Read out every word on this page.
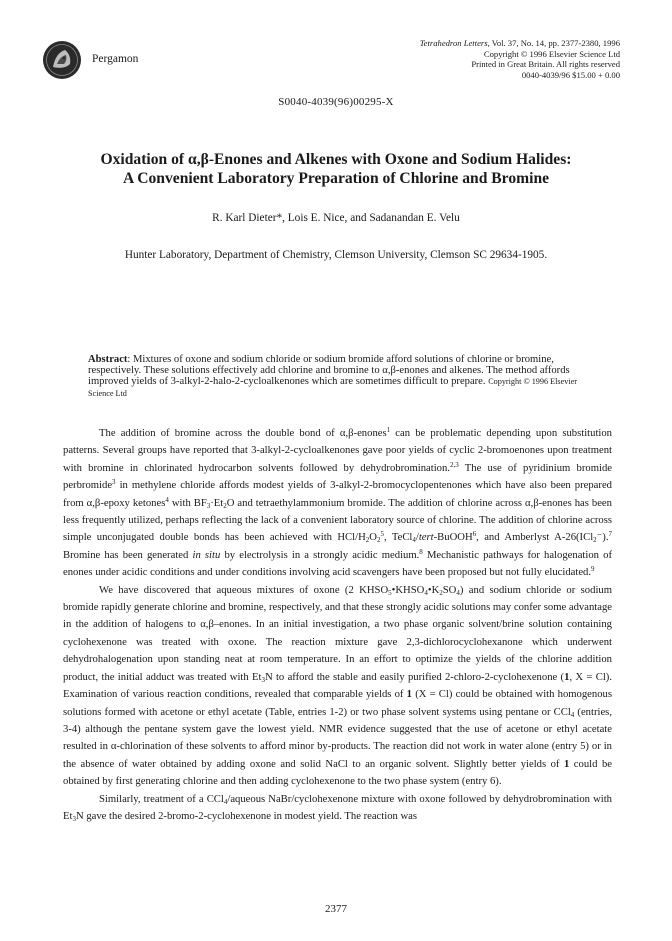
Pergamon
Tetrahedron Letters, Vol. 37, No. 14, pp. 2377-2380, 1996
Copyright © 1996 Elsevier Science Ltd
Printed in Great Britain. All rights reserved
0040-4039/96 $15.00 + 0.00
S0040-4039(96)00295-X
Oxidation of α,β-Enones and Alkenes with Oxone and Sodium Halides:
A Convenient Laboratory Preparation of Chlorine and Bromine
R. Karl Dieter*, Lois E. Nice, and Sadanandan E. Velu
Hunter Laboratory, Department of Chemistry, Clemson University, Clemson SC 29634-1905.
Abstract: Mixtures of oxone and sodium chloride or sodium bromide afford solutions of chlorine or bromine, respectively. These solutions effectively add chlorine and bromine to α,β-enones and alkenes. The method affords improved yields of 3-alkyl-2-halo-2-cycloalkenones which are sometimes difficult to prepare. Copyright © 1996 Elsevier Science Ltd

The addition of bromine across the double bond of α,β-enones$^1$ can be problematic depending upon substitution patterns. Several groups have reported that 3-alkyl-2-cycloalkenones gave poor yields of cyclic 2-bromoenones upon treatment with bromine in chlorinated hydrocarbon solvents followed by dehydrobromination.$^{2,3}$ The use of pyridinium bromide perbromide$^3$ in methylene chloride affords modest yields of 3-alkyl-2-bromocyclopentenones which have also been prepared from α,β-epoxy ketones$^4$ with $BF_3\cdot Et_2O$ and tetraethylammonium bromide. The addition of chlorine across α,β-enones has been less frequently utilized, perhaps reflecting the lack of a convenient laboratory source of chlorine. The addition of chlorine across simple unconjugated double bonds has been achieved with HCl/$H_2O_2^5$, TeCl$_4$/tert-BuOOH$^6$, and Amberlyst A-26(ICl$_2$⁻).$^7$ Bromine has been generated in situ by electrolysis in a strongly acidic medium.$^8$ Mechanistic pathways for halogenation of enones under acidic conditions and under conditions involving acid scavengers have been proposed but not fully elucidated.$^9$

We have discovered that aqueous mixtures of oxone (2 $KHSO_5•KHSO_4•K_2SO_4$) and sodium chloride or sodium bromide rapidly generate chlorine and bromine, respectively, and that these strongly acidic solutions may confer some advantage in the addition of halogens to α,β–enones. In an initial investigation, a two phase organic solvent/brine solution containing cyclohexenone was treated with oxone. The reaction mixture gave 2,3-dichlorocyclohexanone which underwent dehydrohalogenation upon standing neat at room temperature. In an effort to optimize the yields of the chlorine addition product, the initial adduct was treated with $Et_3N$ to afford the stable and easily purified 2-chloro-2-cyclohexenone (1, X = Cl). Examination of various reaction conditions, revealed that comparable yields of 1 (X = Cl) could be obtained with homogenous solutions formed with acetone or ethyl acetate (Table, entries 1-2) or two phase solvent systems using pentane or CCl$_4$ (entries, 3-4) although the pentane system gave the lowest yield. NMR evidence suggested that the use of acetone or ethyl acetate resulted in α-chlorination of these solvents to afford minor by-products. The reaction did not work in water alone (entry 5) or in the absence of water obtained by adding oxone and solid NaCl to an organic solvent. Slightly better yields of 1 could be obtained by first generating chlorine and then adding cyclohexenone to the two phase system (entry 6).

Similarly, treatment of a CCl$_4$/aqueous NaBr/cyclohexenone mixture with oxone followed by dehydrobromination with $Et_3N$ gave the desired 2-bromo-2-cyclohexenone in modest yield. The reaction was

2377
